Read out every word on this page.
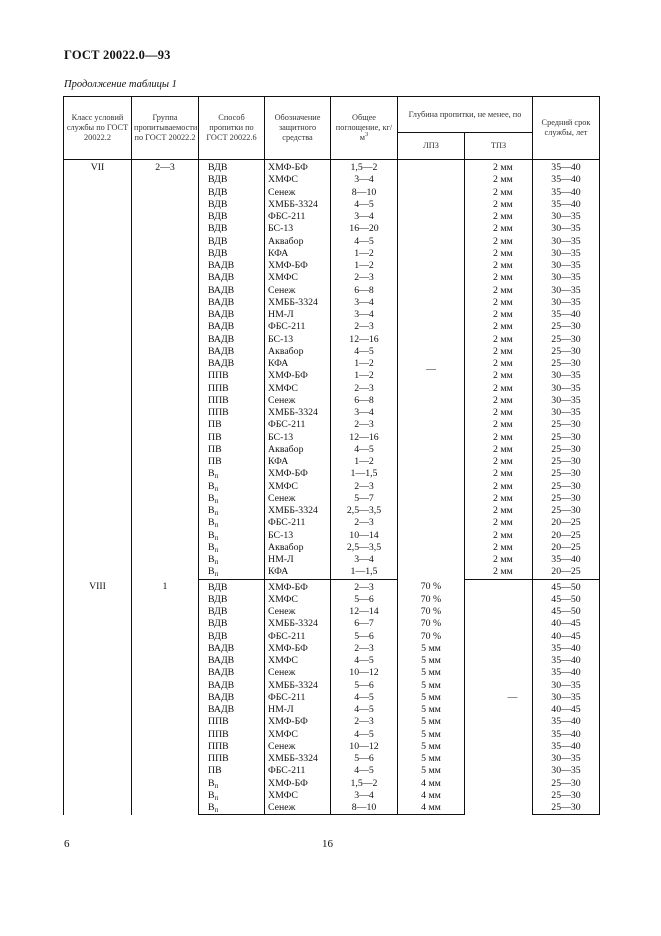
ГОСТ 20022.0—93
Продолжение таблицы 1
Класс условий службы по ГОСТ 20022.2	Группа пропитываемости по ГОСТ 20022.2	Способ пропитки по ГОСТ 20022.6	Обозначение защитного средства	Общее поглощение, $кг/м^3$	Глубина пропитки, не менее, по		Средний срок службы, лет
					ЛПЗ	ТПЗ	
VII	2—3	ВДВ	ХМФ-БФ	1,5—2	—	2 мм	35—40
		ВДВ	ХМФС	3—4		2 мм	35—40
		ВДВ	Сенеж	8—10		2 мм	35—40
		ВДВ	ХМББ-3324	4—5		2 мм	35—40
		ВДВ	ФБС-211	3—4		2 мм	30—35
		ВДВ	БС-13	16—20		2 мм	30—35
		ВДВ	Аквабор	4—5		2 мм	30—35
		ВДВ	КФА	1—2		2 мм	30—35
		ВАДВ	ХМФ-БФ	1—2		2 мм	30—35
		ВАДВ	ХМФС	2—3		2 мм	30—35
		ВАДВ	Сенеж	6—8		2 мм	30—35
		ВАДВ	ХМББ-3324	3—4		2 мм	30—35
		ВАДВ	НМ-Л	3—4		2 мм	35—40
		ВАДВ	ФБС-211	2—3		2 мм	25—30
		ВАДВ	БС-13	12—16		2 мм	25—30
		ВАДВ	Аквабор	4—5		2 мм	25—30
		ВАДВ	КФА	1—2		2 мм	25—30
		ППВ	ХМФ-БФ	1—2		2 мм	30—35
		ППВ	ХМФС	2—3		2 мм	30—35
		ППВ	Сенеж	6—8		2 мм	30—35
		ППВ	ХМББ-3324	3—4		2 мм	30—35
		ПВ	ФБС-211	2—3		2 мм	25—30
		ПВ	БС-13	12—16		2 мм	25—30
		ПВ	Аквабор	4—5		2 мм	25—30
		ПВ	КФА	1—2		2 мм	25—30
		$В_п$	ХМФ-БФ	1—1,5		2 мм	25—30
		$В_п$	ХМФС	2—3		2 мм	25—30
		$В_п$	Сенеж	5—7		2 мм	25—30
		$В_п$	ХМББ-3324	2,5—3,5		2 мм	25—30
		$В_п$	ФБС-211	2—3		2 мм	20—25
		$В_п$	БС-13	10—14		2 мм	20—25
		$В_п$	Аквабор	2,5—3,5		2 мм	20—25
		$В_п$	НМ-Л	3—4		2 мм	35—40
		$В_п$	КФА	1—1,5		2 мм	20—25
VIII	1	ВДВ	ХМФ-БФ	2—3	70 %	—	45—50
		ВДВ	ХМФС	5—6	70 %		45—50
		ВДВ	Сенеж	12—14	70 %		45—50
		ВДВ	ХМББ-3324	6—7	70 %		40—45
		ВДВ	ФБС-211	5—6	70 %		40—45
		ВАДВ	ХМФ-БФ	2—3	5 мм		35—40
		ВАДВ	ХМФС	4—5	5 мм		35—40
		ВАДВ	Сенеж	10—12	5 мм		35—40
		ВАДВ	ХМББ-3324	5—6	5 мм		30—35
		ВАДВ	ФБС-211	4—5	5 мм		30—35
		ВАДВ	НМ-Л	4—5	5 мм		40—45
		ППВ	ХМФ-БФ	2—3	5 мм		35—40
		ППВ	ХМФС	4—5	5 мм		35—40
		ППВ	Сенеж	10—12	5 мм		35—40
		ППВ	ХМББ-3324	5—6	5 мм		30—35
		ПВ	ФБС-211	4—5	5 мм		30—35
		$В_п$	ХМФ-БФ	1,5—2	4 мм		25—30
		$В_п$	ХМФС	3—4	4 мм		25—30
		$В_п$	Сенеж	8—10	4 мм		25—30
6	16
